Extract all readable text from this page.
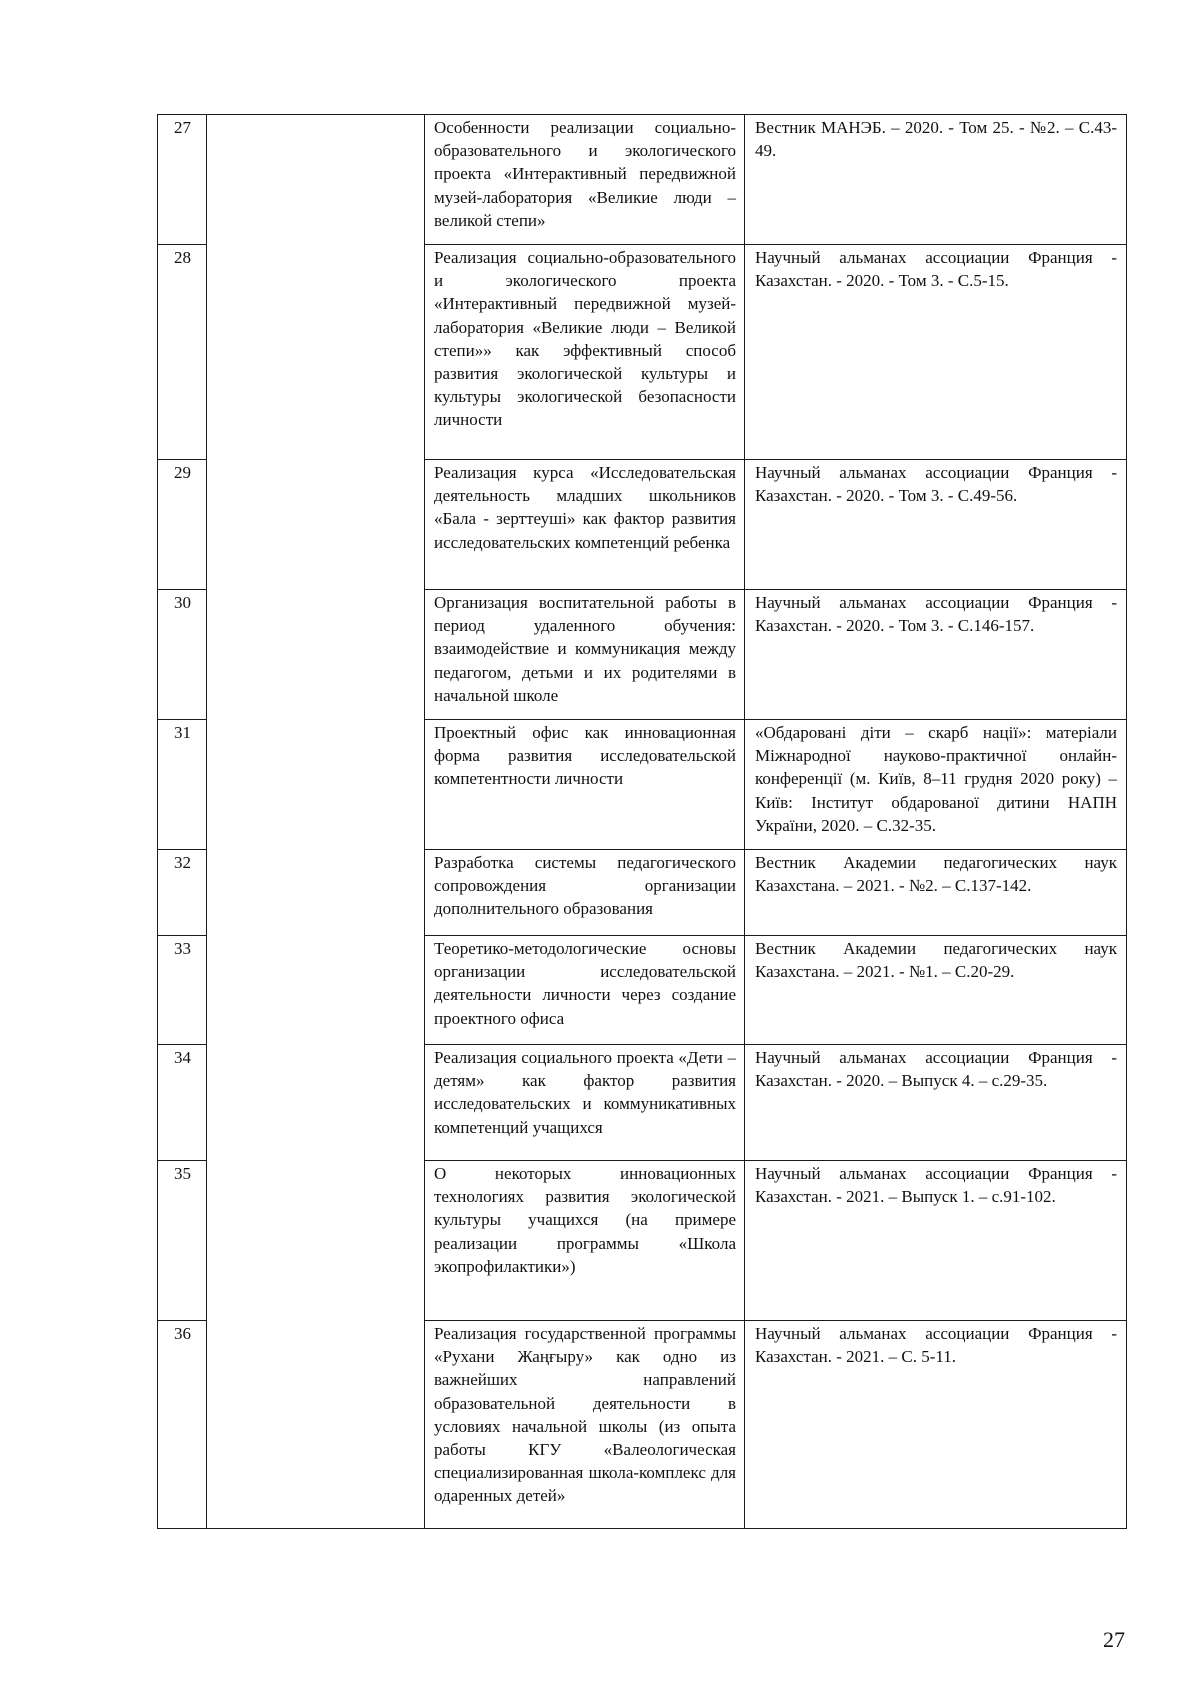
27		Особенности реализации социально-образовательного и экологического проекта «Интерактивный передвижной музей-лаборатория «Великие люди – великой степи»	Вестник МАНЭБ. – 2020. - Том 25. - №2. – С.43-49.
28		Реализация социально-образовательного и экологического проекта «Интерактивный передвижной музей-лаборатория «Великие люди – Великой степи»» как эффективный способ развития экологической культуры и культуры экологической безопасности личности	Научный альманах ассоциации Франция - Казахстан. - 2020. - Том 3. - С.5-15.
29		Реализация курса «Исследовательская деятельность младших школьников «Бала - зерттеуші» как фактор развития исследовательских компетенций ребенка	Научный альманах ассоциации Франция - Казахстан. - 2020. - Том 3. - С.49-56.
30		Организация воспитательной работы в период удаленного обучения: взаимодействие и коммуникация между педагогом, детьми и их родителями в начальной школе	Научный альманах ассоциации Франция - Казахстан. - 2020. - Том 3. - С.146-157.
31		Проектный офис как инновационная форма развития исследовательской компетентности личности	«Обдаровані діти – скарб нації»: матеріали Міжнародної науково-практичної онлайн-конференції (м. Київ, 8–11 грудня 2020 року) – Київ: Інститут обдарованої дитини НАПН України, 2020. – С.32-35.
32		Разработка системы педагогического сопровождения организации дополнительного образования	Вестник Академии педагогических наук Казахстана. – 2021. - №2. – С.137-142.
33		Теоретико-методологические основы организации исследовательской деятельности личности через создание проектного офиса	Вестник Академии педагогических наук Казахстана. – 2021. - №1. – С.20-29.
34		Реализация социального проекта «Дети – детям» как фактор развития исследовательских и коммуникативных компетенций учащихся	Научный альманах ассоциации Франция - Казахстан. - 2020. – Выпуск 4. – с.29-35.
35		О некоторых инновационных технологиях развития экологической культуры учащихся (на примере реализации программы «Школа экопрофилактики»)	Научный альманах ассоциации Франция - Казахстан. - 2021. – Выпуск 1. – с.91-102.
36		Реализация государственной программы «Рухани Жаңғыру» как одно из важнейших направлений образовательной деятельности в условиях начальной школы (из опыта работы КГУ «Валеологическая специализированная школа-комплекс для одаренных детей»	Научный альманах ассоциации Франция - Казахстан. - 2021. – С. 5-11.
27
